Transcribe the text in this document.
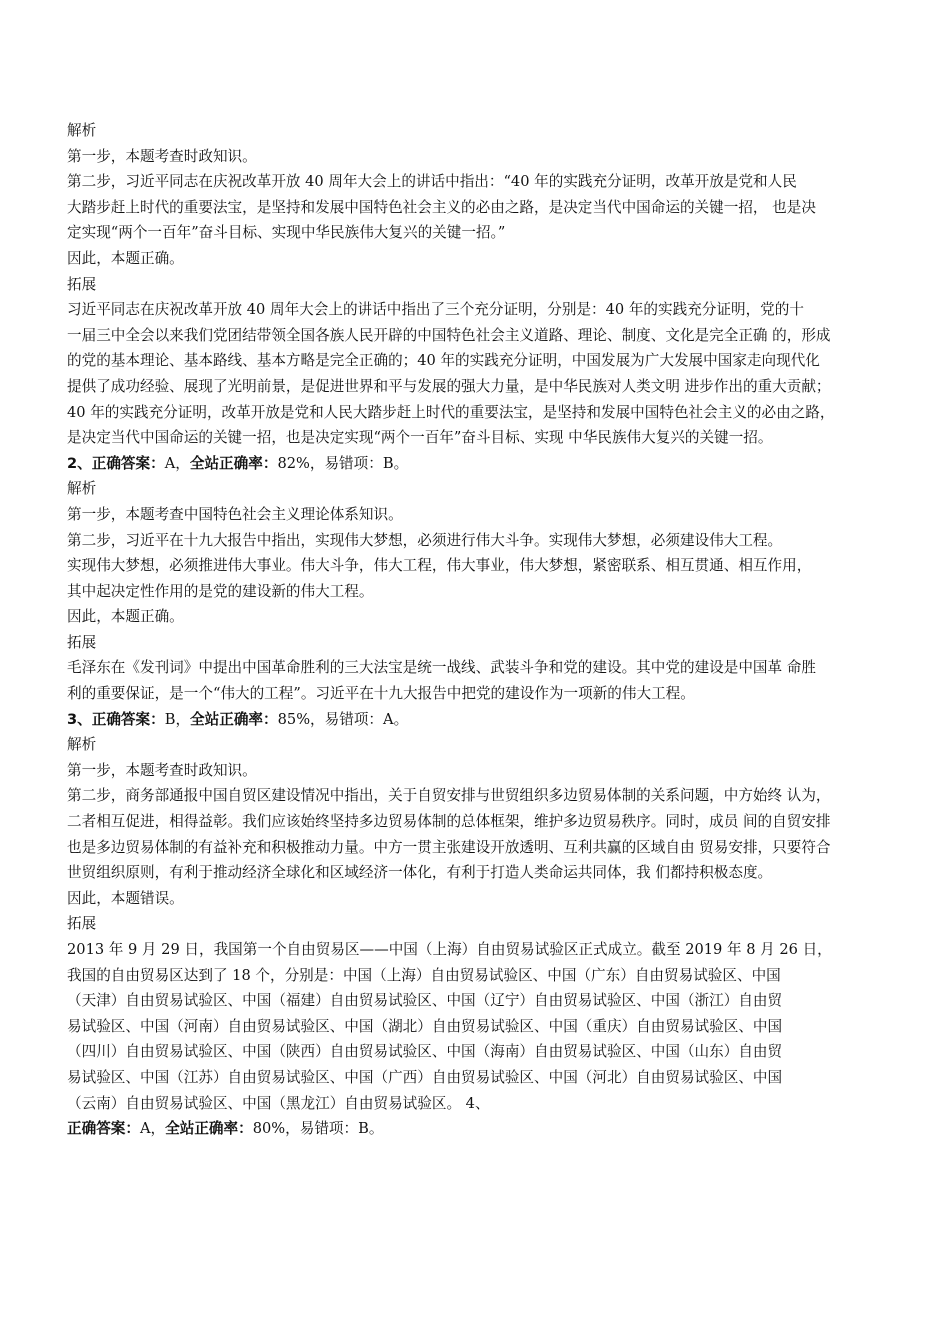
解析
第一步，本题考查时政知识。
第二步，习近平同志在庆祝改革开放 40 周年大会上的讲话中指出：“40 年的实践充分证明，改革开放是党和人民
大踏步赶上时代的重要法宝，是坚持和发展中国特色社会主义的必由之路，是决定当代中国命运的关键一招， 也是决
定实现“两个一百年”奋斗目标、实现中华民族伟大复兴的关键一招。”
因此，本题正确。
拓展
习近平同志在庆祝改革开放 40 周年大会上的讲话中指出了三个充分证明，分别是：40 年的实践充分证明，党的十
一届三中全会以来我们党团结带领全国各族人民开辟的中国特色社会主义道路、理论、制度、文化是完全正确 的，形成
的党的基本理论、基本路线、基本方略是完全正确的；40 年的实践充分证明，中国发展为广大发展中国家走向现代化
提供了成功经验、展现了光明前景，是促进世界和平与发展的强大力量，是中华民族对人类文明 进步作出的重大贡献；
40 年的实践充分证明，改革开放是党和人民大踏步赶上时代的重要法宝，是坚持和发展中国特色社会主义的必由之路，
是决定当代中国命运的关键一招，也是决定实现“两个一百年”奋斗目标、实现 中华民族伟大复兴的关键一招。
2、正确答案：A，全站正确率：82%，易错项：B。
解析
第一步，本题考查中国特色社会主义理论体系知识。
第二步，习近平在十九大报告中指出，实现伟大梦想，必须进行伟大斗争。实现伟大梦想，必须建设伟大工程。
实现伟大梦想，必须推进伟大事业。伟大斗争，伟大工程，伟大事业，伟大梦想，紧密联系、相互贯通、相互作用，
其中起决定性作用的是党的建设新的伟大工程。
因此，本题正确。
拓展
毛泽东在《发刊词》中提出中国革命胜利的三大法宝是统一战线、武装斗争和党的建设。其中党的建设是中国革 命胜
利的重要保证，是一个“伟大的工程”。习近平在十九大报告中把党的建设作为一项新的伟大工程。
3、正确答案：B，全站正确率：85%，易错项：A。
解析
第一步，本题考查时政知识。
第二步，商务部通报中国自贸区建设情况中指出，关于自贸安排与世贸组织多边贸易体制的关系问题，中方始终 认为，
二者相互促进，相得益彰。我们应该始终坚持多边贸易体制的总体框架，维护多边贸易秩序。同时，成员 间的自贸安排
也是多边贸易体制的有益补充和积极推动力量。中方一贯主张建设开放透明、互利共赢的区域自由 贸易安排，只要符合
世贸组织原则，有利于推动经济全球化和区域经济一体化，有利于打造人类命运共同体，我 们都持积极态度。
因此，本题错误。
拓展
2013 年 9 月 29 日，我国第一个自由贸易区——中国（上海）自由贸易试验区正式成立。截至 2019 年 8 月 26 日，
我国的自由贸易区达到了 18 个，分别是：中国（上海）自由贸易试验区、中国（广东）自由贸易试验区、中国
（天津）自由贸易试验区、中国（福建）自由贸易试验区、中国（辽宁）自由贸易试验区、中国（浙江）自由贸
易试验区、中国（河南）自由贸易试验区、中国（湖北）自由贸易试验区、中国（重庆）自由贸易试验区、中国
（四川）自由贸易试验区、中国（陕西）自由贸易试验区、中国（海南）自由贸易试验区、中国（山东）自由贸
易试验区、中国（江苏）自由贸易试验区、中国（广西）自由贸易试验区、中国（河北）自由贸易试验区、中国
（云南）自由贸易试验区、中国（黑龙江）自由贸易试验区。 4、
正确答案：A，全站正确率：80%，易错项：B。
